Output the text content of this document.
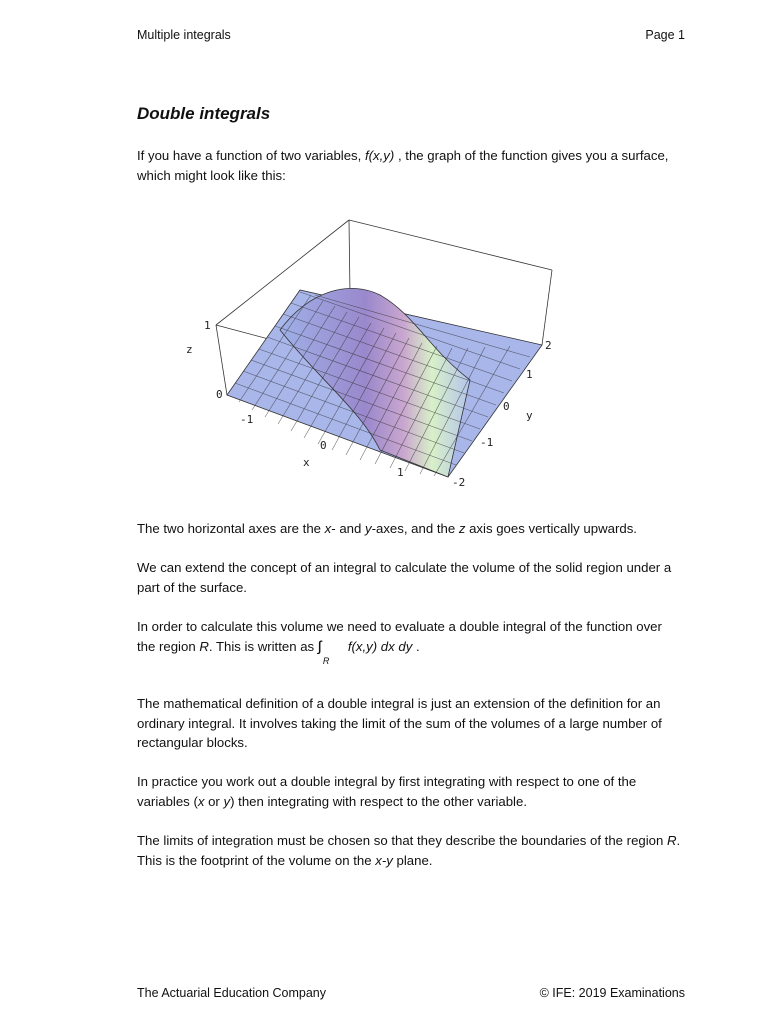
Multiple integrals	Page 1
Double integrals
If you have a function of two variables, f(x,y) , the graph of the function gives you a surface, which might look like this:
1
0
z
-1
0
1
x
-2
-1
0
1
2
y
The two horizontal axes are the x- and y-axes, and the z axis goes vertically upwards.
We can extend the concept of an integral to calculate the volume of the solid region under a part of the surface.
In order to calculate this volume we need to evaluate a double integral of the function over the region R. This is written as
R
f(x,y) dx dy .
The mathematical definition of a double integral is just an extension of the definition for an ordinary integral. It involves taking the limit of the sum of the volumes of a large number of rectangular blocks.
In practice you work out a double integral by first integrating with respect to one of the variables (x or y) then integrating with respect to the other variable.
The limits of integration must be chosen so that they describe the boundaries of the region R. This is the footprint of the volume on the x-y plane.
The Actuarial Education Company	© IFE: 2019 Examinations
